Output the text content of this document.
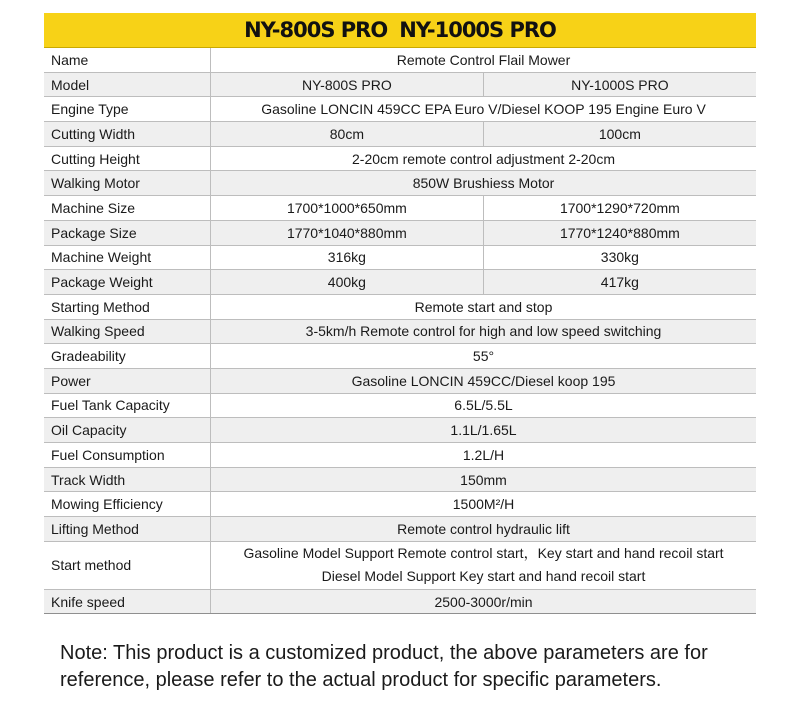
NY-800S PRO NY-1000S PRO
Name	Remote Control Flail Mower	
Model	NY-800S PRO	NY-1000S PRO
Engine Type	Gasoline LONCIN 459CC EPA Euro V/Diesel KOOP 195 Engine Euro V	
Cutting Width	80cm	100cm
Cutting Height	2-20cm remote control adjustment 2-20cm	
Walking Motor	850W Brushiess Motor	
Machine Size	1700*1000*650mm	1700*1290*720mm
Package Size	1770*1040*880mm	1770*1240*880mm
Machine Weight	316kg	330kg
Package Weight	400kg	417kg
Starting Method	Remote start and stop	
Walking Speed	3-5km/h Remote control for high and low speed switching	
Gradeability	55°	
Power	Gasoline LONCIN 459CC/Diesel koop 195	
Fuel Tank Capacity	6.5L/5.5L	
Oil Capacity	1.1L/1.65L	
Fuel Consumption	1.2L/H	
Track Width	150mm	
Mowing Efficiency	1500M²/H	
Lifting Method	Remote control hydraulic lift	
Start method	Gasoline Model Support Remote control start，Key start and hand recoil start
Diesel Model Support Key start and hand recoil start	

Knife speed	2500-3000r/min	
Note: This product is a customized product, the above parameters are for reference, please refer to the actual product for specific parameters.
